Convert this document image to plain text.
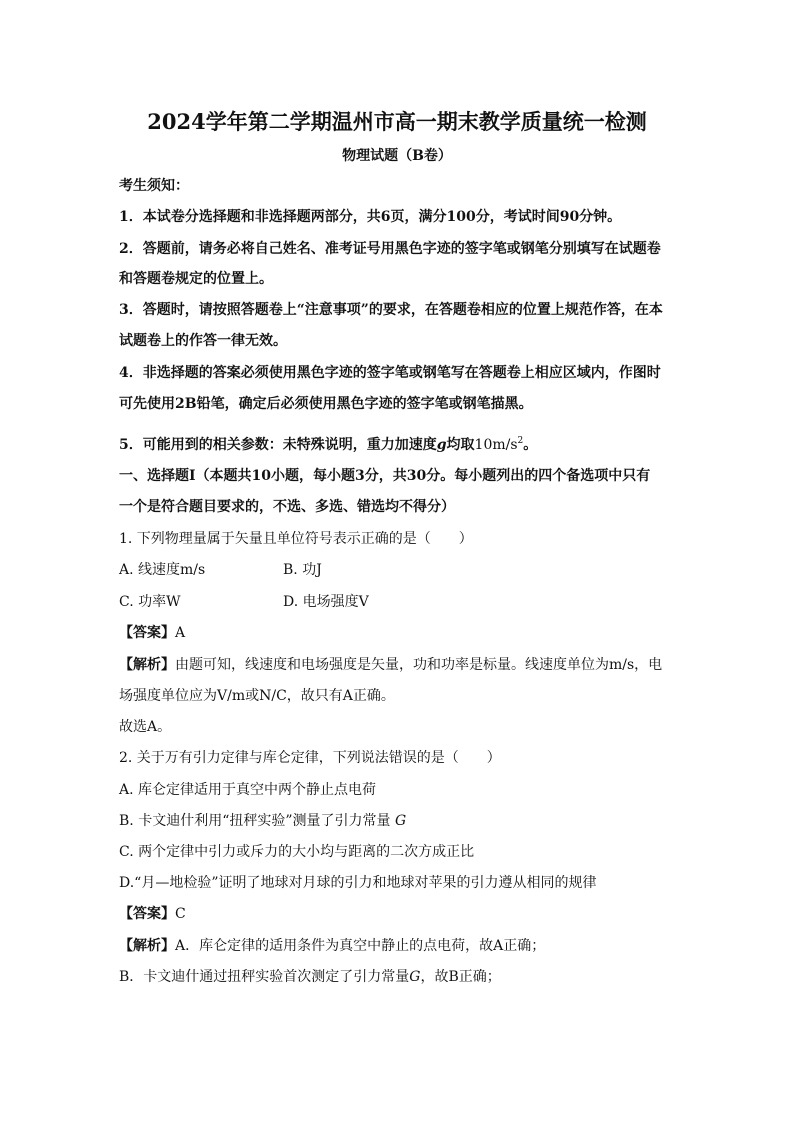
2024学年第二学期温州市高一期末教学质量统一检测
物理试题（B卷）
考生须知：
1．本试卷分选择题和非选择题两部分，共6页，满分100分，考试时间90分钟。
2．答题前，请务必将自己姓名、准考证号用黑色字迹的签字笔或钢笔分别填写在试题卷
和答题卷规定的位置上。
3．答题时，请按照答题卷上“注意事项”的要求，在答题卷相应的位置上规范作答，在本
试题卷上的作答一律无效。
4．非选择题的答案必须使用黑色字迹的签字笔或钢笔写在答题卷上相应区域内，作图时
可先使用2B铅笔，确定后必须使用黑色字迹的签字笔或钢笔描黑。
5．可能用到的相关参数：未特殊说明，重力加速度g均取$10m/s^2$。
一、选择题Ⅰ（本题共10小题，每小题3分，共30分。每小题列出的四个备选项中只有
一个是符合题目要求的，不选、多选、错选均不得分）
1. 下列物理量属于矢量且单位符号表示正确的是（　　）
A. 线速度m/s	B. 功J
C. 功率W	D. 电场强度V
【答案】A
【解析】由题可知，线速度和电场强度是矢量，功和功率是标量。线速度单位为m/s，电
场强度单位应为V/m或N/C，故只有A正确。
故选A。
2. 关于万有引力定律与库仑定律，下列说法错误的是（　　）
A. 库仑定律适用于真空中两个静止点电荷
B. 卡文迪什利用“扭秤实验”测量了引力常量 G
C. 两个定律中引力或斥力的大小均与距离的二次方成正比
D.“月—地检验”证明了地球对月球的引力和地球对苹果的引力遵从相同的规律
【答案】C
【解析】A．库仑定律的适用条件为真空中静止的点电荷，故A正确；
B．卡文迪什通过扭秤实验首次测定了引力常量G，故B正确；
